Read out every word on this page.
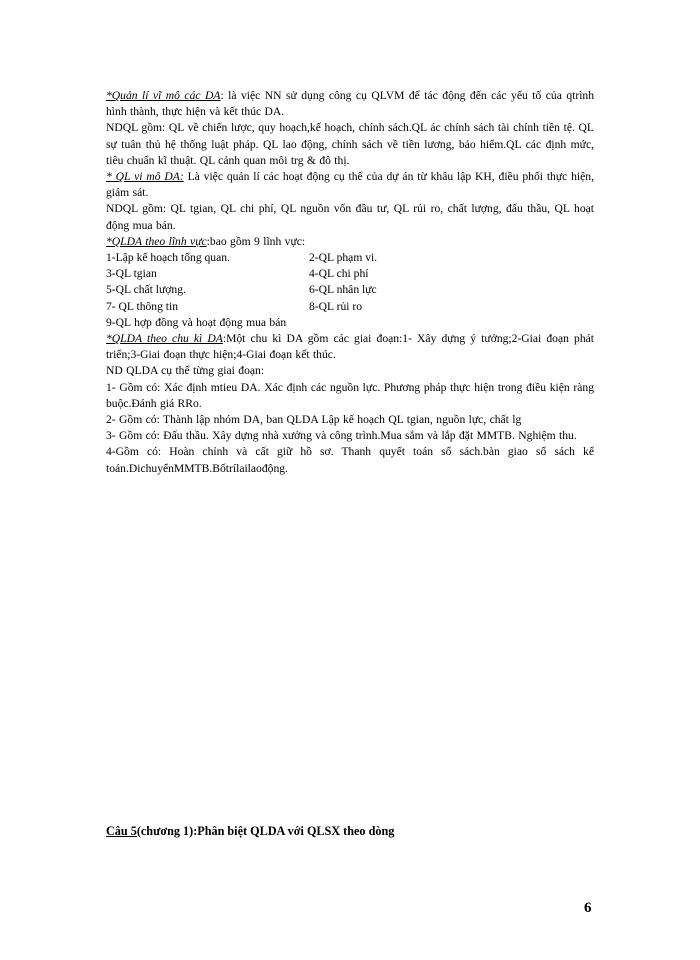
*Quản lí vĩ mô các DA: là việc NN sử dụng công cụ QLVM để tác động đến các yếu tố của qtrình hình thành, thực hiện và kết thúc DA.

NDQL gồm: QL về chiến lược, quy hoạch,kế hoạch, chính sách.QL ác chính sách tài chính tiền tệ. QL sự tuân thủ hệ thống luật pháp. QL lao động, chính sách về tiền lương, bảo hiểm.QL các định mức, tiêu chuẩn kĩ thuật. QL cảnh quan môi trg & đô thị.

* QL vi mô DA: Là việc quản lí các hoạt động cụ thể của dự án từ khâu lập KH, điều phối thực hiện, giám sát.

NDQL gồm: QL tgian, QL chi phí, QL nguồn vốn đầu tư, QL rủi ro, chất lượng, đấu thầu, QL hoạt động mua bán.

*QLDA theo lĩnh vực:bao gồm 9 lĩnh vực:

1-Lập kế hoạch tổng quan.	2-QL phạm vi.
3-QL tgian	4-QL chi phí
5-QL chất lượng.	6-QL nhân lực
7- QL thông tin	8-QL rủi ro

9-QL hợp đồng và hoạt động mua bán

*QLDA theo chu kì DA:Một chu kì DA gồm các giai đoạn:1- Xây dựng ý tưởng;2-Giai đoạn phát triển;3-Giai đoạn thực hiện;4-Giai đoạn kết thúc.

ND QLDA cụ thể từng giai đoạn:

1- Gồm có: Xác định mtieu DA. Xác định các nguồn lực. Phương pháp thực hiện trong điều kiện ràng buộc.Đánh giá RRo.

2- Gồm có: Thành lập nhóm DA, ban QLDA Lập kế hoạch QL tgian, nguồn lực, chất lg

3- Gồm có: Đấu thầu. Xây dựng nhà xưởng và công trình.Mua sắm và lắp đặt MMTB. Nghiệm thu.

4-Gồm có: Hoàn chỉnh và cất giữ hồ sơ. Thanh quyết toán sổ sách.bàn giao sổ sách kế toán.DichuyểnMMTB.Bốtrílailaođộng.

Câu 5(chương 1):Phân biệt QLDA với QLSX theo dòng
6
